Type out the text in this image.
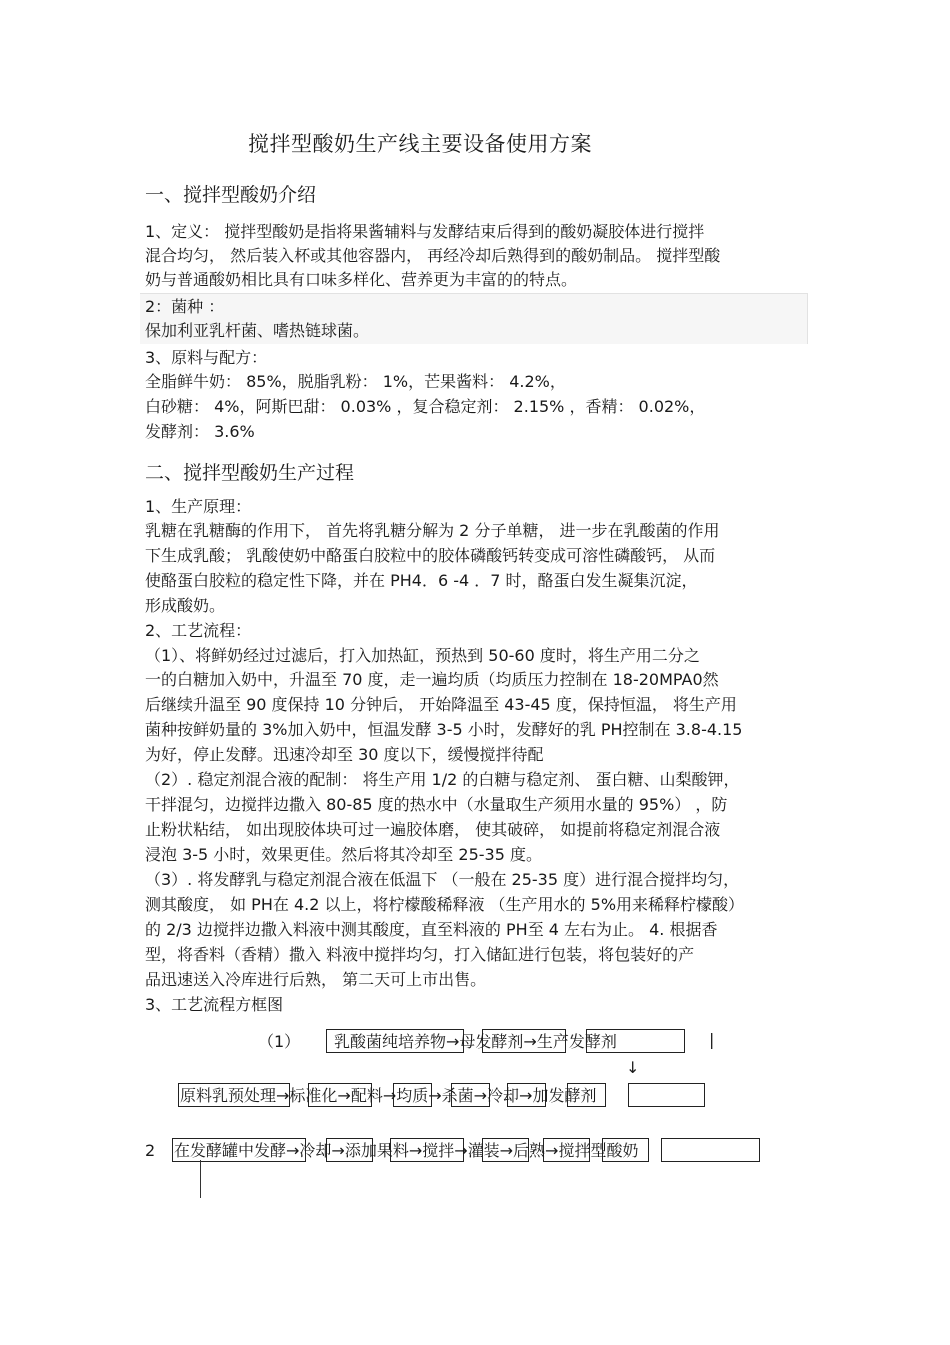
搅拌型酸奶生产线主要设备使用方案
一、搅拌型酸奶介绍
1、定义： 搅拌型酸奶是指将果酱辅料与发酵结束后得到的酸奶凝胶体进行搅拌
混合均匀， 然后装入杯或其他容器内， 再经冷却后熟得到的酸奶制品。 搅拌型酸
奶与普通酸奶相比具有口味多样化、营养更为丰富的的特点。
2：菌种 ：
保加利亚乳杆菌、嗜热链球菌。
3、原料与配方：
全脂鲜牛奶： 85%，脱脂乳粉： 1%，芒果酱料： 4.2%，
白砂糖： 4%，阿斯巴甜： 0.03% ，复合稳定剂： 2.15% ，香精： 0.02%，
发酵剂： 3.6%
二、搅拌型酸奶生产过程
1、生产原理：
乳糖在乳糖酶的作用下， 首先将乳糖分解为 2 分子单糖， 进一步在乳酸菌的作用
下生成乳酸； 乳酸使奶中酪蛋白胶粒中的胶体磷酸钙转变成可溶性磷酸钙， 从而
使酪蛋白胶粒的稳定性下降，并在 PH4．6 -4 ．7 时，酪蛋白发生凝集沉淀，
形成酸奶。
2、工艺流程：
（1）、将鲜奶经过过滤后，打入加热缸，预热到 50-60 度时，将生产用二分之
一的白糖加入奶中，升温至 70 度，走一遍均质（均质压力控制在 18-20MPA0然
后继续升温至 90 度保持 10 分钟后， 开始降温至 43-45 度，保持恒温， 将生产用
菌种按鲜奶量的 3%加入奶中，恒温发酵 3-5 小时，发酵好的乳 PH控制在 3.8-4.15
为好，停止发酵。迅速冷却至 30 度以下，缓慢搅拌待配
（2）. 稳定剂混合液的配制： 将生产用 1/2 的白糖与稳定剂、 蛋白糖、山梨酸钾，
干拌混匀，边搅拌边撒入 80-85 度的热水中（水量取生产须用水量的 95%） ，防
止粉状粘结， 如出现胶体块可过一遍胶体磨， 使其破碎， 如提前将稳定剂混合液
浸泡 3-5 小时，效果更佳。然后将其冷却至 25-35 度。
（3）. 将发酵乳与稳定剂混合液在低温下 （一般在 25-35 度）进行混合搅拌均匀，
测其酸度， 如 PH在 4.2 以上，将柠檬酸稀释液 （生产用水的 5%用来稀释柠檬酸）
的 2/3 边搅拌边撒入料液中测其酸度，直至料液的 PH至 4 左右为止。 4. 根据香
型，将香料（香精）撒入 料液中搅拌均匀，打入储缸进行包装，将包装好的产
品迅速送入冷库进行后熟， 第二天可上市出售。
3、工艺流程方框图
（1） 乳酸菌纯培养物→母发酵剂→生产发酵剂	|
↓
原料乳预处理→标准化→配料→均质→杀菌→冷却→加发酵剂
2 在发酵罐中发酵→冷却→添加果料→搅拌→灌装→后熟→搅拌型酸奶
